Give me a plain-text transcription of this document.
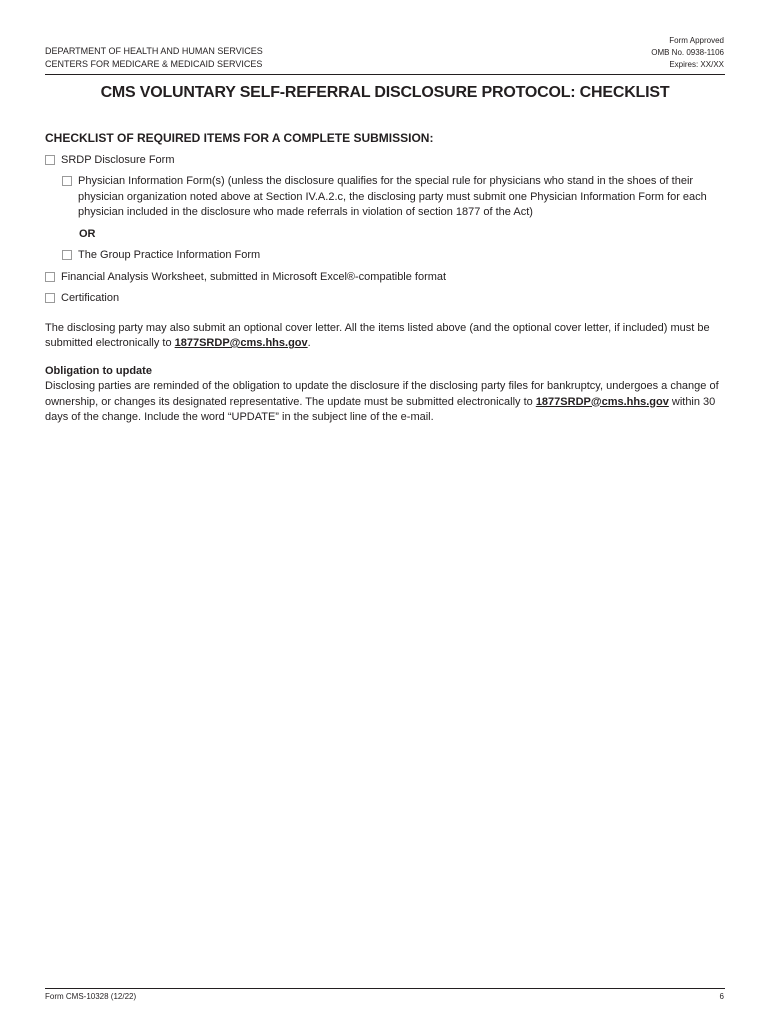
DEPARTMENT OF HEALTH AND HUMAN SERVICES
CENTERS FOR MEDICARE & MEDICAID SERVICES
Form Approved
OMB No. 0938-1106
Expires: XX/XX
CMS VOLUNTARY SELF-REFERRAL DISCLOSURE PROTOCOL: CHECKLIST
CHECKLIST OF REQUIRED ITEMS FOR A COMPLETE SUBMISSION:
SRDP Disclosure Form
Physician Information Form(s) (unless the disclosure qualifies for the special rule for physicians who stand in the shoes of their physician organization noted above at Section IV.A.2.c, the disclosing party must submit one Physician Information Form for each physician included in the disclosure who made referrals in violation of section 1877 of the Act)
OR
The Group Practice Information Form
Financial Analysis Worksheet, submitted in Microsoft Excel®-compatible format
Certification
The disclosing party may also submit an optional cover letter. All the items listed above (and the optional cover letter, if included) must be submitted electronically to 1877SRDP@cms.hhs.gov.
Obligation to update
Disclosing parties are reminded of the obligation to update the disclosure if the disclosing party files for bankruptcy, undergoes a change of ownership, or changes its designated representative. The update must be submitted electronically to 1877SRDP@cms.hhs.gov within 30 days of the change. Include the word “UPDATE” in the subject line of the e-mail.
Form CMS-10328 (12/22)	6
